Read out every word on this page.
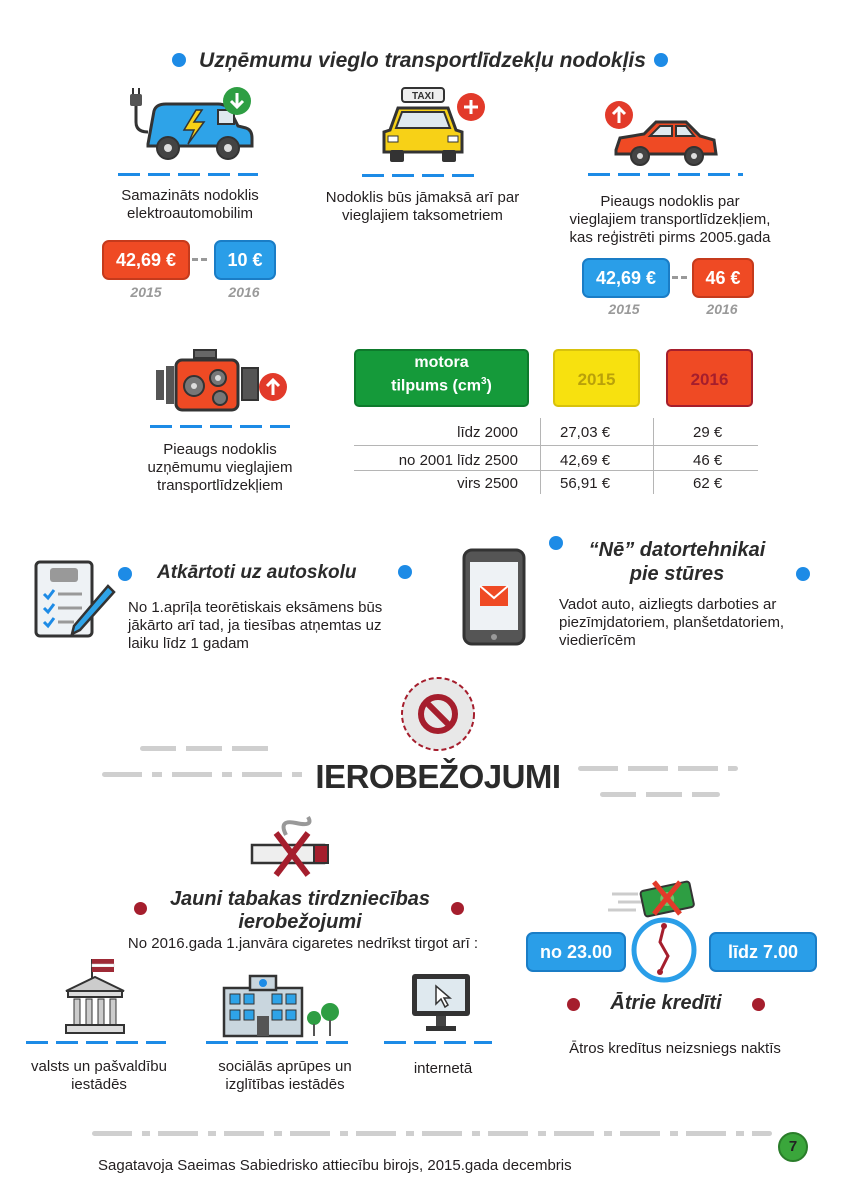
Uzņēmumu vieglo transportlīdzekļu nodokļis
Samazināts nodoklis
elektroautomobilim
42,69 €	10 €
2015	2016
TAXI
Nodoklis būs jāmaksā arī par
vieglajiem taksometriem
Pieaugs nodoklis par
vieglajiem transportlīdzekļiem,
kas reģistrēti pirms 2005.gada
42,69 €	46 €
2015	2016
Pieaugs nodoklis
uzņēmumu vieglajiem
transportlīdzekļiem
motora
tilpums $(cm^3)$	2015	2016
līdz 2000	27,03 €	29 €
no 2001 līdz 2500	42,69 €	46 €
virs 2500	56,91 €	62 €
Atkārtoti uz autoskolu
No 1.aprīļa teorētiskais eksāmens būs
jākārto arī tad, ja tiesības atņemtas uz
laiku līdz 1 gadam
“Nē” datortehnikai
pie stūres
Vadot auto, aizliegts darboties ar
piezīmjdatoriem, planšetdatoriem,
viedierīcēm
IEROBEŽOJUMI
Jauni tabakas tirdzniecības
ierobežojumi
No 2016.gada 1.janvāra cigaretes nedrīkst tirgot arī :
valsts un pašvaldību
iestādēs
sociālās aprūpes un
izglītības iestādēs
internetā
no 23.00	līdz 7.00
Ātrie kredīti
Ātros kredītus neizsniegs naktīs
7
Sagatavoja Saeimas Sabiedrisko attiecību birojs, 2015.gada decembris
